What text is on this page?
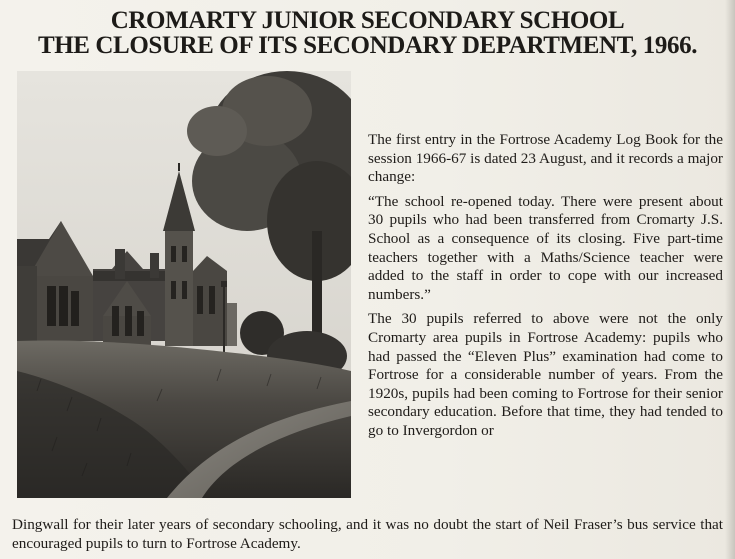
CROMARTY JUNIOR SECONDARY SCHOOL
THE CLOSURE OF ITS SECONDARY DEPARTMENT, 1966.

The first entry in the Fortrose Academy Log Book for the session 1966-67 is dated 23 August, and it records a major change:

“The school re-opened today. There were present about 30 pupils who had been transferred from Cromarty J.S. School as a consequence of its closing. Five part-time teachers together with a Maths/Science teacher were added to the staff in order to cope with our increased numbers.”

The 30 pupils referred to above were not the only Cromarty area pupils in Fortrose Academy: pupils who had passed the “Eleven Plus” examination had come to Fortrose for a considerable number of years. From the 1920s, pupils had been coming to Fortrose for their senior secondary education. Before that time, they had tended to go to Invergordon or

Dingwall for their later years of secondary schooling, and it was no doubt the start of Neil Fraser’s bus service that encouraged pupils to turn to Fortrose Academy.
